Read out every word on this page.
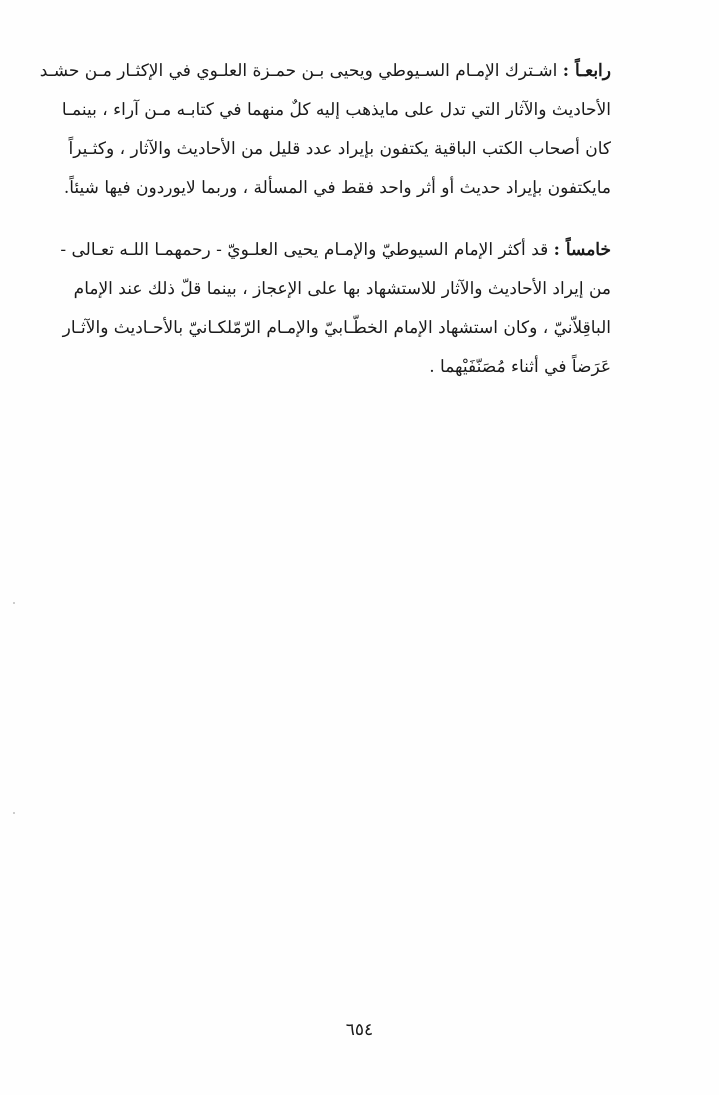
رابعـاً : اشـترك الإمـام السـيوطي ويحيى بـن حمـزة العلـوي في الإكثـار مـن حشـد
الأحاديث والآثار التي تدل على مايذهب إليه كلٌ منهما في كتابـه مـن آراء ، بينمـا
كان أصحاب الكتب الباقية يكتفون بإيراد عدد قليل من الأحاديث والآثار ، وكثـيراً
مايكتفون بإيراد حديث أو أثر واحد فقط في المسألة ، وربما لايوردون فيها شيئاً.
خامساً : قد أكثر الإمام السيوطيّ والإمـام يحيى العلـويّ - رحمهمـا اللـه تعـالى -
من إيراد الأحاديث والآثار للاستشهاد بها على الإعجاز ، بينما قلّ ذلك عند الإمام
الباقِلاّنيّ ، وكان استشهاد الإمام الخطّـابيّ والإمـام الرّمّلكـانيّ بالأحـاديث والآثـار
عَرَضاً في أثناء مُصَنّفَيْهما .
٦٥٤
